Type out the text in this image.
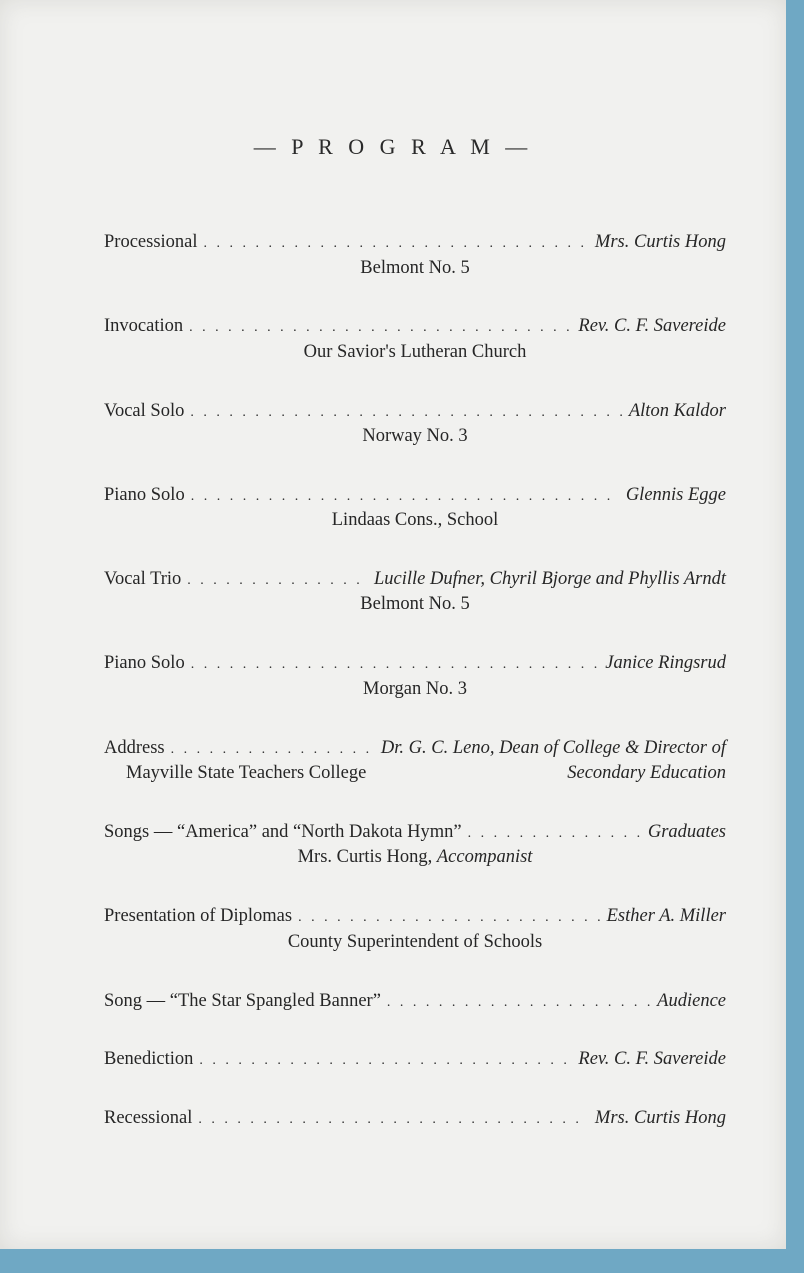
— P R O G R A M —
Processional . . .	Mrs. Curtis Hong
Belmont No. 5
Invocation . . .	Rev. C. F. Savereide
Our Savior's Lutheran Church
Vocal Solo . . .	Alton Kaldor
Norway No. 3
Piano Solo . . .	Glennis Egge
Lindaas Cons., School
Vocal Trio . . .	Lucille Dufner, Chyril Bjorge and Phyllis Arndt
Belmont No. 5
Piano Solo . . .	Janice Ringsrud
Morgan No. 3
Address . . .	Dr. G. C. Leno, Dean of College & Director of
Mayville State Teachers College	Secondary Education
Songs — “America” and “North Dakota Hymn” . . .	Graduates
Mrs. Curtis Hong, Accompanist
Presentation of Diplomas . . .	Esther A. Miller
County Superintendent of Schools
Song — “The Star Spangled Banner” . . .	Audience
Benediction . . .	Rev. C. F. Savereide
Recessional . . .	Mrs. Curtis Hong
